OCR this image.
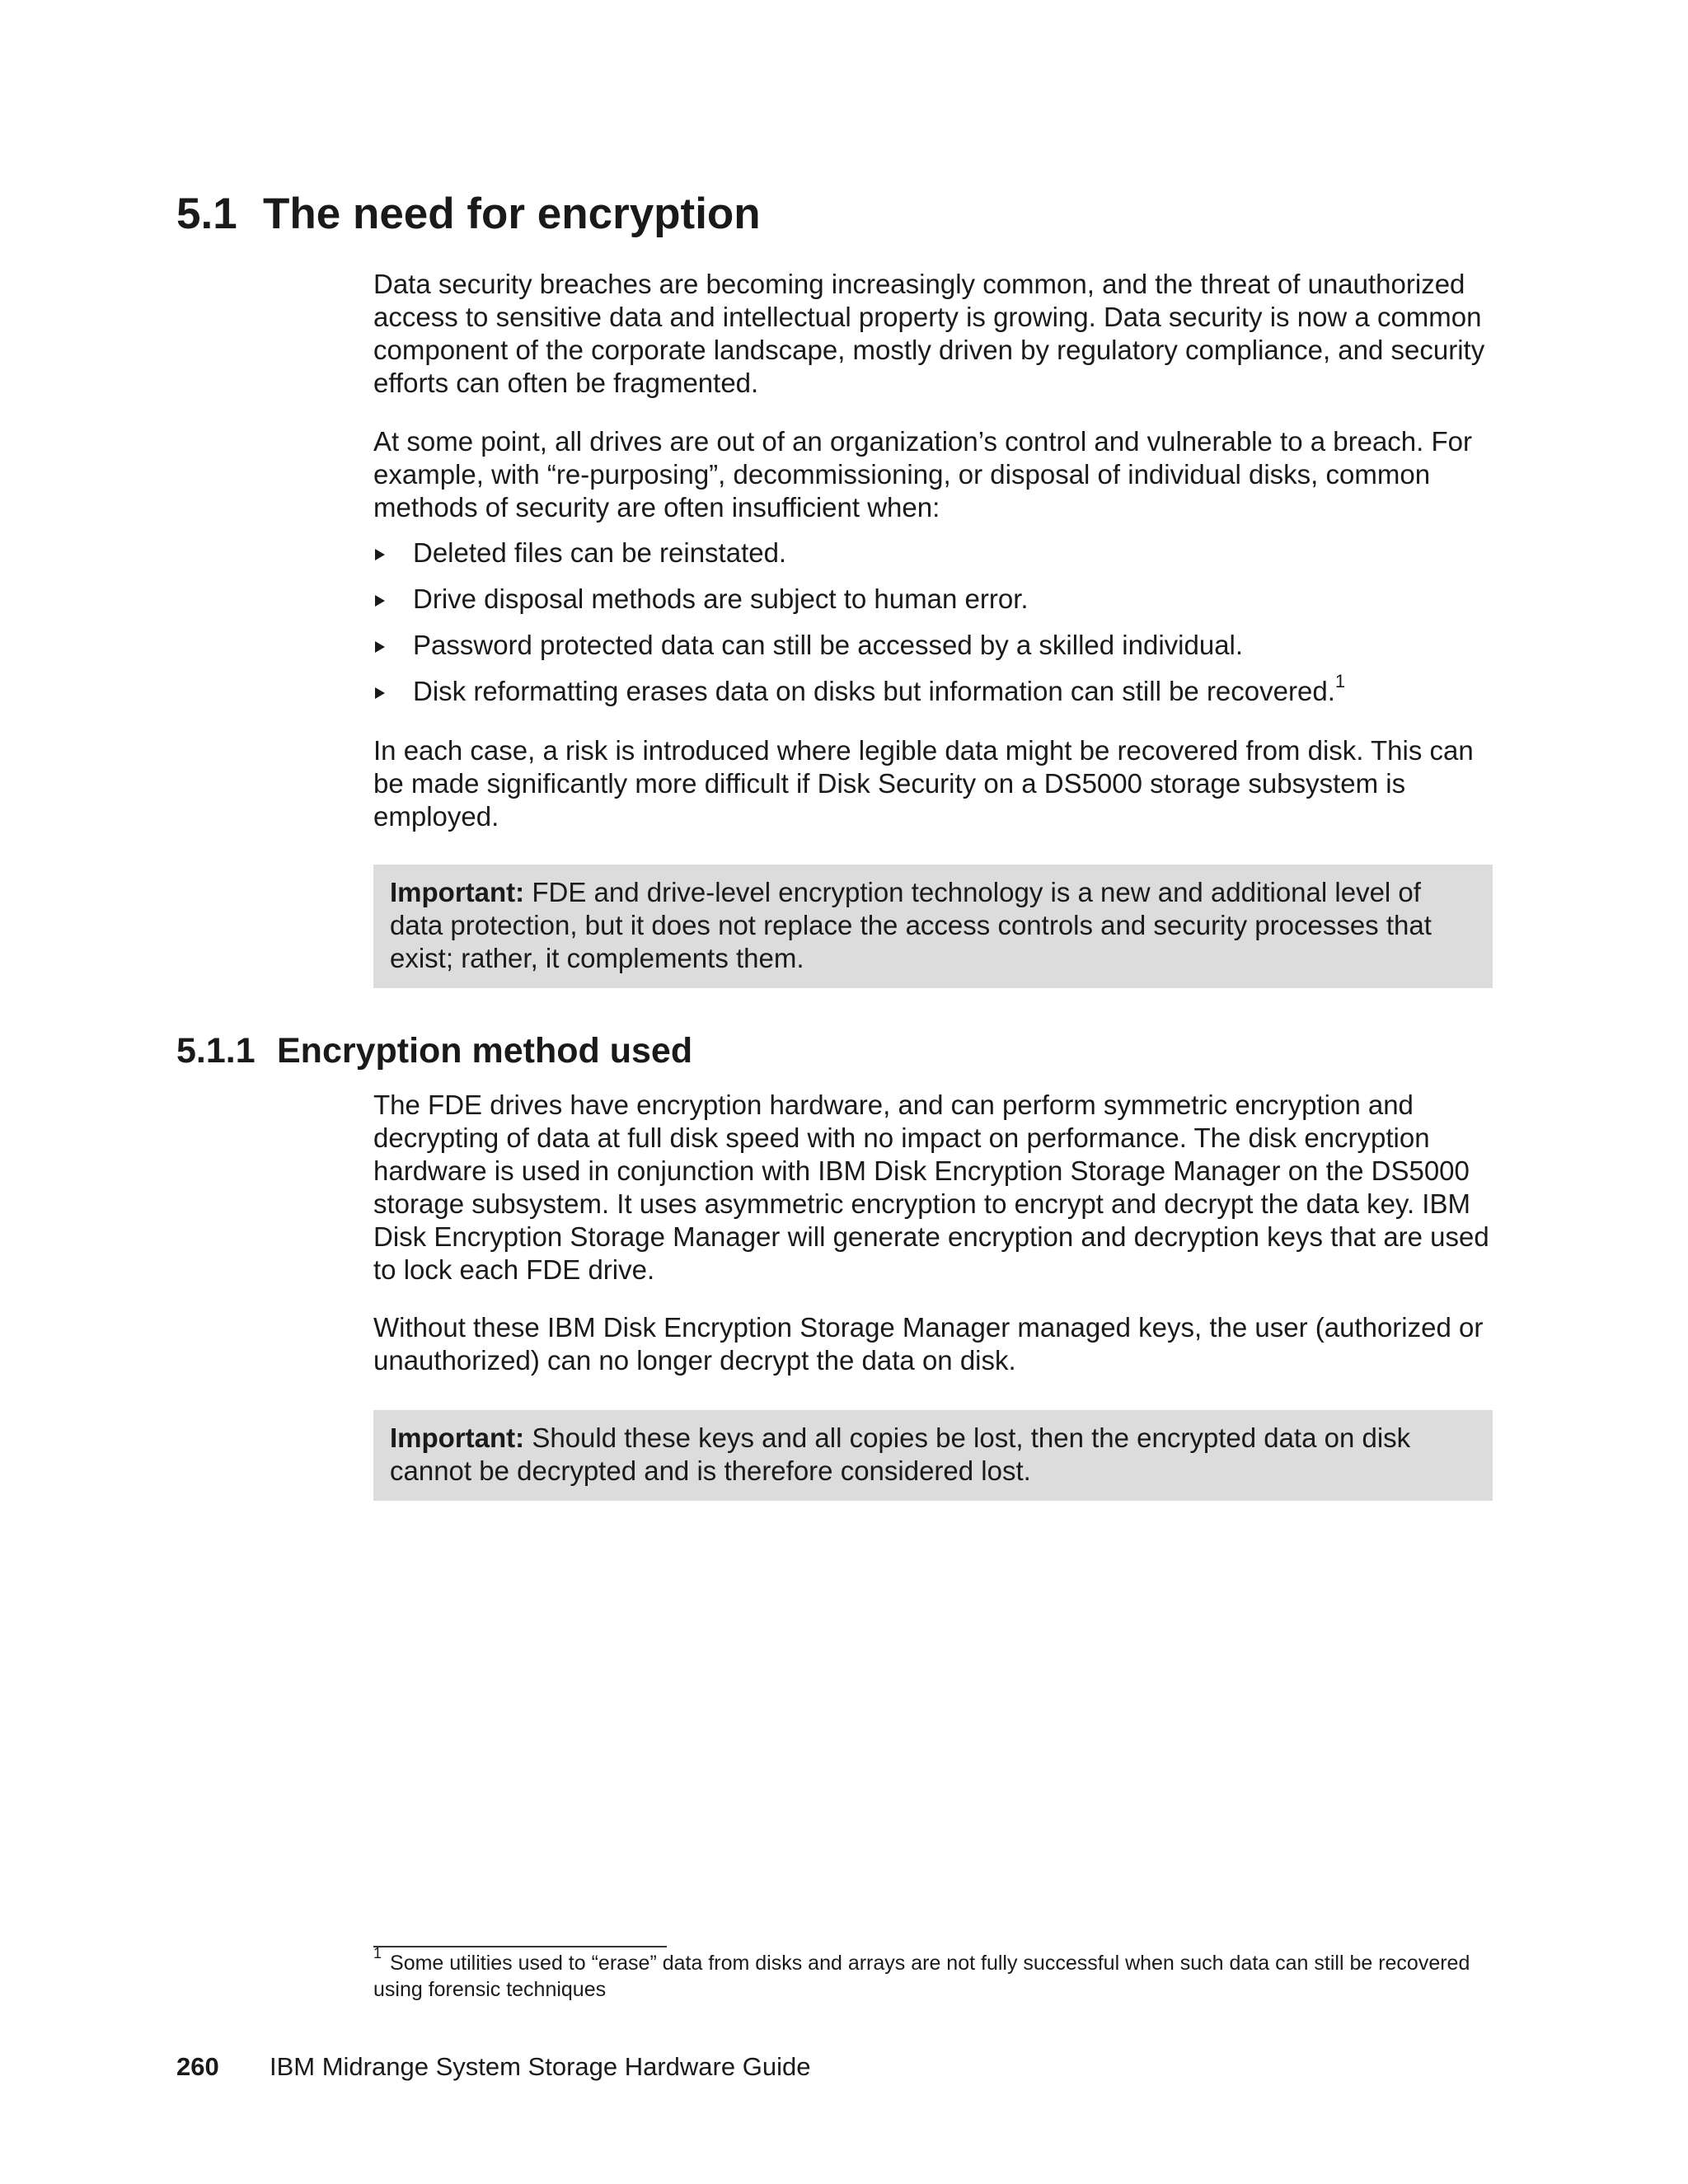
5.1 The need for encryption

Data security breaches are becoming increasingly common, and the threat of unauthorized access to sensitive data and intellectual property is growing. Data security is now a common component of the corporate landscape, mostly driven by regulatory compliance, and security efforts can often be fragmented.

At some point, all drives are out of an organization’s control and vulnerable to a breach. For example, with “re-purposing”, decommissioning, or disposal of individual disks, common methods of security are often insufficient when:

Deleted files can be reinstated.
Drive disposal methods are subject to human error.
Password protected data can still be accessed by a skilled individual.
Disk reformatting erases data on disks but information can still be recovered.$^1$

In each case, a risk is introduced where legible data might be recovered from disk. This can be made significantly more difficult if Disk Security on a DS5000 storage subsystem is employed.

Important: FDE and drive-level encryption technology is a new and additional level of data protection, but it does not replace the access controls and security processes that exist; rather, it complements them.
5.1.1 Encryption method used

The FDE drives have encryption hardware, and can perform symmetric encryption and decrypting of data at full disk speed with no impact on performance. The disk encryption hardware is used in conjunction with IBM Disk Encryption Storage Manager on the DS5000 storage subsystem. It uses asymmetric encryption to encrypt and decrypt the data key. IBM Disk Encryption Storage Manager will generate encryption and decryption keys that are used to lock each FDE drive.

Without these IBM Disk Encryption Storage Manager managed keys, the user (authorized or unauthorized) can no longer decrypt the data on disk.

Important: Should these keys and all copies be lost, then the encrypted data on disk cannot be decrypted and is therefore considered lost.

$^1$ Some utilities used to “erase” data from disks and arrays are not fully successful when such data can still be recovered using forensic techniques

260 IBM Midrange System Storage Hardware Guide
